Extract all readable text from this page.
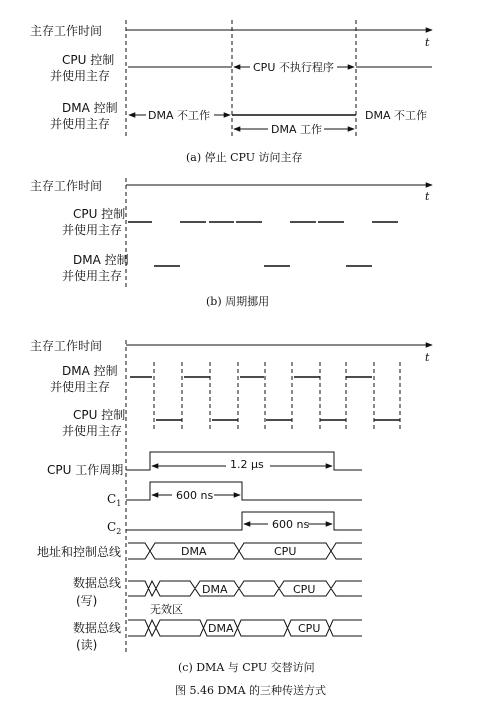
主存工作时间
t
CPU 控制
并使用主存
CPU 不执行程序
DMA 控制
并使用主存
DMA 不工作
DMA 工作
DMA 不工作
(a) 停止 CPU 访问主存
主存工作时间
t
CPU 控制
并使用主存
DMA 控制
并使用主存
(b) 周期挪用
主存工作时间
t
DMA 控制
并使用主存
CPU 控制
并使用主存
CPU 工作周期	1.2 μs
$C_1$
600 ns
$C_2$
600 ns
地址和控制总线	DMA	CPU
数据总线
(写)
DMA	CPU
无效区
数据总线
(读)
DMA	CPU
(c) DMA 与 CPU 交替访问
图 5.46 DMA 的三种传送方式
